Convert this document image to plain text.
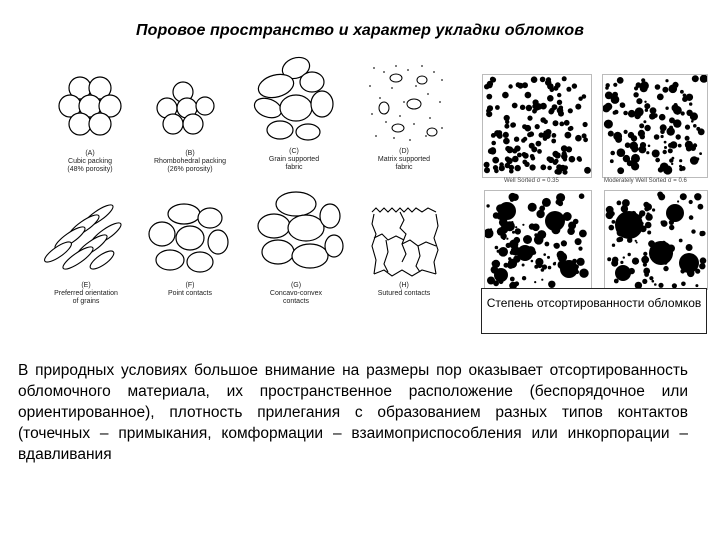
Поровое пространство и характер укладки обломков
(A)
Cubic packing
(48% porosity)
(B)
Rhombohedral packing
(26% porosity)
(C)
Grain supported
fabric
(D)
Matrix supported
fabric
(E)
Preferred orientation
of grains
(F)
Point contacts
(G)
Concavo-convex
contacts
(H)
Sutured contacts
Well Sorted σ = 0.35	Moderately Well Sorted σ = 0.6
Степень отсортированности обломков
В природных условиях большое внимание на размеры пор оказывает отсортированность обломочного материала, их пространственное расположение (беспорядочное или ориентированное), плотность прилегания с образованием разных типов контактов (точечных – примыкания, комформации – взаимоприспособления или инкорпорации – вдавливания
